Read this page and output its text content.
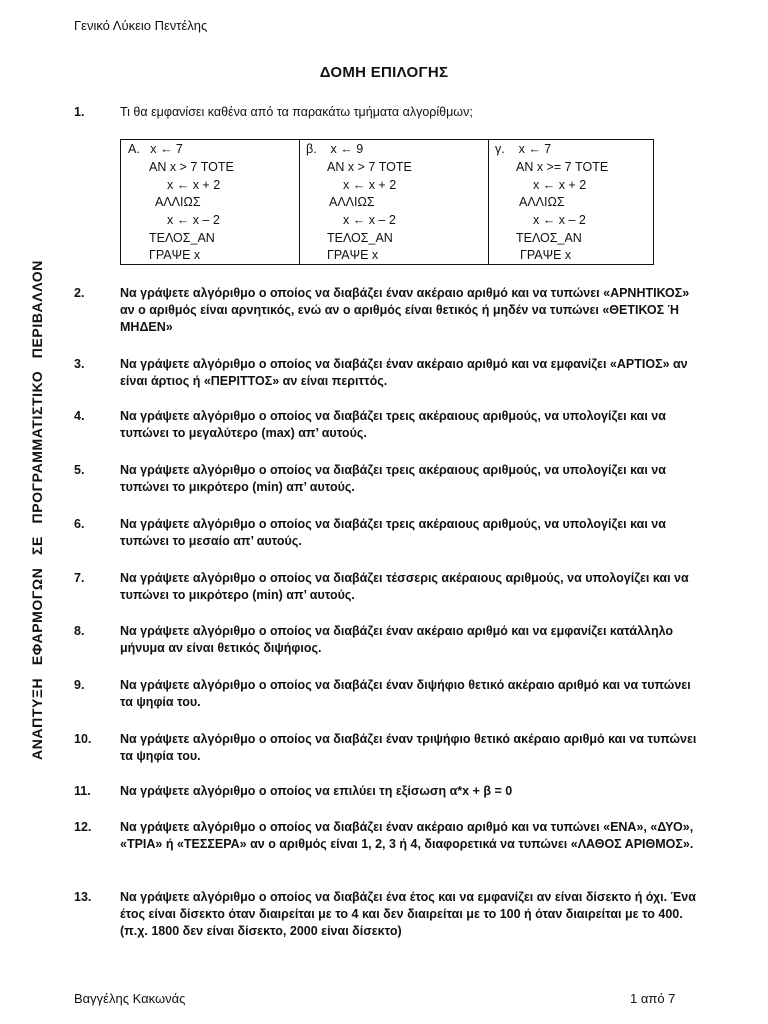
Γενικό Λύκειο Πεντέλης
ΔΟΜΗ ΕΠΙΛΟΓΗΣ
ΑΝΑΠΤΥΞΗ
ΕΦΑΡΜΟΓΩΝ
ΣΕ
ΠΡΟΓΡΑΜΜΑΤΙΣΤΙΚΟ
ΠΕΡΙΒΑΛΛΟΝ
1.	Τι θα εμφανίσει καθένα από τα παρακάτω τμήματα αλγορίθμων;
Α.   x ← 7
ΑΝ x > 7 ΤΟΤΕ
x ← x + 2
ΑΛΛΙΩΣ
x ← x – 2
ΤΕΛΟΣ_ΑΝ
ΓΡΑΨΕ x
β.    x ← 9
ΑΝ x > 7 ΤΟΤΕ
x ← x + 2
ΑΛΛΙΩΣ
x ← x – 2
ΤΕΛΟΣ_ΑΝ
ΓΡΑΨΕ x
γ.    x ← 7
ΑΝ x >= 7 ΤΟΤΕ
x ← x + 2
ΑΛΛΙΩΣ
x ← x – 2
ΤΕΛΟΣ_ΑΝ
ΓΡΑΨΕ x
2.	Να γράψετε αλγόριθμο ο οποίος να διαβάζει έναν ακέραιο αριθμό και να τυπώνει «ΑΡΝΗΤΙΚΟΣ» αν ο αριθμός είναι αρνητικός, ενώ αν ο αριθμός είναι θετικός ή μηδέν να τυπώνει «ΘΕΤΙΚΟΣ Ή ΜΗΔΕΝ»
3.	Να γράψετε αλγόριθμο ο οποίος να διαβάζει έναν ακέραιο αριθμό και να εμφανίζει «ΑΡΤΙΟΣ» αν είναι άρτιος ή «ΠΕΡΙΤΤΟΣ» αν είναι περιττός.
4.	Να γράψετε αλγόριθμο ο οποίος να διαβάζει τρεις ακέραιους αριθμούς, να υπολογίζει και να τυπώνει το μεγαλύτερο (max) απ’ αυτούς.
5.	Να γράψετε αλγόριθμο ο οποίος να διαβάζει τρεις ακέραιους αριθμούς, να υπολογίζει και να τυπώνει το μικρότερο (min) απ’ αυτούς.
6.	Να γράψετε αλγόριθμο ο οποίος να διαβάζει τρεις ακέραιους αριθμούς, να υπολογίζει και να τυπώνει το μεσαίο απ’ αυτούς.
7.	Να γράψετε αλγόριθμο ο οποίος να διαβάζει τέσσερις ακέραιους αριθμούς, να υπολογίζει και να τυπώνει το μικρότερο (min) απ’ αυτούς.
8.	Να γράψετε αλγόριθμο ο οποίος να διαβάζει έναν ακέραιο αριθμό και να εμφανίζει κατάλληλο μήνυμα αν είναι θετικός διψήφιος.
9.	Να γράψετε αλγόριθμο ο οποίος να διαβάζει έναν διψήφιο θετικό ακέραιο αριθμό και να τυπώνει τα ψηφία του.
10.	Να γράψετε αλγόριθμο ο οποίος να διαβάζει έναν τριψήφιο θετικό ακέραιο αριθμό και να τυπώνει τα ψηφία του.
11.	Να γράψετε αλγόριθμο ο οποίος να επιλύει τη εξίσωση α*x + β = 0
12.	Να γράψετε αλγόριθμο ο οποίος να διαβάζει έναν ακέραιο αριθμό και να τυπώνει «ΕΝΑ», «ΔΥΟ», «ΤΡΙΑ» ή «ΤΕΣΣΕΡΑ» αν ο αριθμός είναι 1, 2, 3 ή 4, διαφορετικά να τυπώνει «ΛΑΘΟΣ ΑΡΙΘΜΟΣ».
13.	Να γράψετε αλγόριθμο ο οποίος να διαβάζει ένα έτος και να εμφανίζει αν είναι δίσεκτο ή όχι. Ένα έτος είναι δίσεκτο όταν διαιρείται με το 4 και δεν διαιρείται με το 100 ή όταν διαιρείται με το 400. (π.χ. 1800 δεν είναι δίσεκτο, 2000 είναι δίσεκτο)
Βαγγέλης Κακωνάς	1 από 7
